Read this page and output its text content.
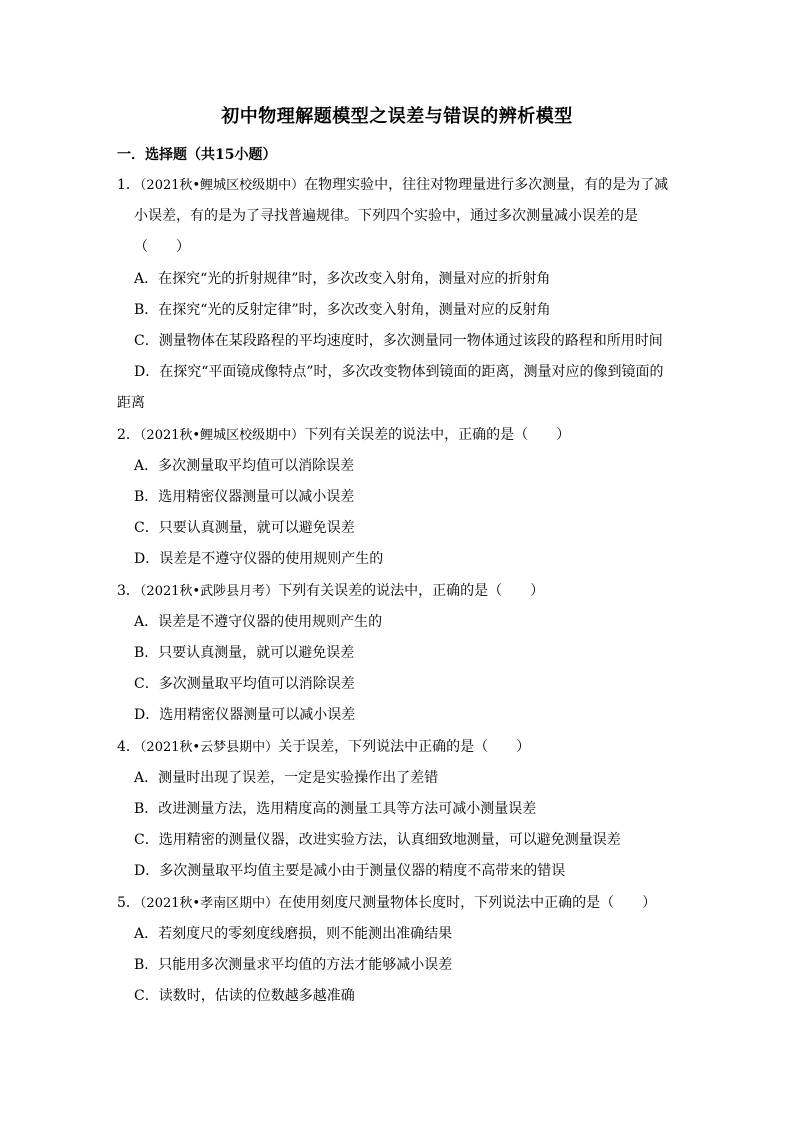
初中物理解题模型之误差与错误的辨析模型
一．选择题（共15小题）

1．（2021秋•鲤城区校级期中）在物理实验中，往往对物理量进行多次测量，有的是为了减小误差，有的是为了寻找普遍规律。下列四个实验中，通过多次测量减小误差的是（　　）

A．在探究“光的折射规律”时，多次改变入射角，测量对应的折射角

B．在探究“光的反射定律”时，多次改变入射角，测量对应的反射角

C．测量物体在某段路程的平均速度时，多次测量同一物体通过该段的路程和所用时间

D．在探究“平面镜成像特点”时，多次改变物体到镜面的距离，测量对应的像到镜面的

距离

2．（2021秋•鲤城区校级期中）下列有关误差的说法中，正确的是（　　）

A．多次测量取平均值可以消除误差

B．选用精密仪器测量可以减小误差

C．只要认真测量，就可以避免误差

D．误差是不遵守仪器的使用规则产生的

3．（2021秋•武陟县月考）下列有关误差的说法中，正确的是（　　）

A．误差是不遵守仪器的使用规则产生的

B．只要认真测量，就可以避免误差

C．多次测量取平均值可以消除误差

D．选用精密仪器测量可以减小误差

4．（2021秋•云梦县期中）关于误差，下列说法中正确的是（　　）

A．测量时出现了误差，一定是实验操作出了差错

B．改进测量方法，选用精度高的测量工具等方法可减小测量误差

C．选用精密的测量仪器，改进实验方法，认真细致地测量，可以避免测量误差

D．多次测量取平均值主要是减小由于测量仪器的精度不高带来的错误

5．（2021秋•孝南区期中）在使用刻度尺测量物体长度时，下列说法中正确的是（　　）

A．若刻度尺的零刻度线磨损，则不能测出准确结果

B．只能用多次测量求平均值的方法才能够减小误差

C．读数时，估读的位数越多越准确
